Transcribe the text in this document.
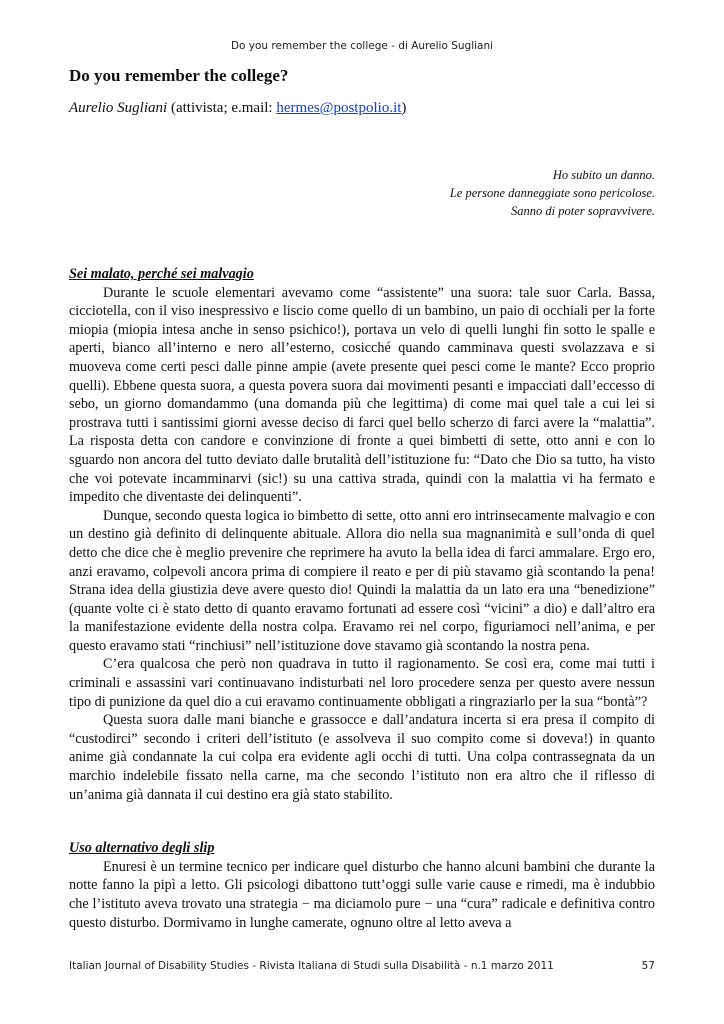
Do you remember the college - di Aurelio Sugliani
Do you remember the college?
Aurelio Sugliani (attivista; e.mail: hermes@postpolio.it)
Ho subito un danno.
Le persone danneggiate sono pericolose.
Sanno di poter sopravvivere.
Sei malato, perché sei malvagio

Durante le scuole elementari avevamo come “assistente” una suora: tale suor Carla. Bassa, cicciotella, con il viso inespressivo e liscio come quello di un bambino, un paio di occhiali per la forte miopia (miopia intesa anche in senso psichico!), portava un velo di quelli lunghi fin sotto le spalle e aperti, bianco all’interno e nero all’esterno, cosicché quando camminava questi svolazzava e si muoveva come certi pesci dalle pinne ampie (avete presente quei pesci come le mante? Ecco proprio quelli). Ebbene questa suora, a questa povera suora dai movimenti pesanti e impacciati dall’eccesso di sebo, un giorno domandammo (una domanda più che legittima) di come mai quel tale a cui lei si prostrava tutti i santissimi giorni avesse deciso di farci quel bello scherzo di farci avere la “malattia”. La risposta detta con candore e convinzione di fronte a quei bimbetti di sette, otto anni e con lo sguardo non ancora del tutto deviato dalle brutalità dell’istituzione fu: “Dato che Dio sa tutto, ha visto che voi potevate incamminarvi (sic!) su una cattiva strada, quindi con la malattia vi ha fermato e impedito che diventaste dei delinquenti”.

Dunque, secondo questa logica io bimbetto di sette, otto anni ero intrinsecamente malvagio e con un destino già definito di delinquente abituale. Allora dio nella sua magnanimità e sull’onda di quel detto che dice che è meglio prevenire che reprimere ha avuto la bella idea di farci ammalare. Ergo ero, anzi eravamo, colpevoli ancora prima di compiere il reato e per di più stavamo già scontando la pena! Strana idea della giustizia deve avere questo dio! Quindi la malattia da un lato era una “benedizione” (quante volte ci è stato detto di quanto eravamo fortunati ad essere così “vicini” a dio) e dall’altro era la manifestazione evidente della nostra colpa. Eravamo rei nel corpo, figuriamoci nell’anima, e per questo eravamo stati “rinchiusi” nell’istituzione dove stavamo già scontando la nostra pena.

C’era qualcosa che però non quadrava in tutto il ragionamento. Se così era, come mai tutti i criminali e assassini vari continuavano indisturbati nel loro procedere senza per questo avere nessun tipo di punizione da quel dio a cui eravamo continuamente obbligati a ringraziarlo per la sua “bontà”?

Questa suora dalle mani bianche e grassocce e dall’andatura incerta si era presa il compito di “custodirci” secondo i criteri dell’istituto (e assolveva il suo compito come si doveva!) in quanto anime già condannate la cui colpa era evidente agli occhi di tutti. Una colpa contrassegnata da un marchio indelebile fissato nella carne, ma che secondo l’istituto non era altro che il riflesso di un’anima già dannata il cui destino era già stato stabilito.

Uso alternativo degli slip

Enuresi è un termine tecnico per indicare quel disturbo che hanno alcuni bambini che durante la notte fanno la pipì a letto. Gli psicologi dibattono tutt’oggi sulle varie cause e rimedi, ma è indubbio che l’istituto aveva trovato una strategia − ma diciamolo pure − una “cura” radicale e definitiva contro questo disturbo. Dormivamo in lunghe camerate, ognuno oltre al letto aveva a

Italian Journal of Disability Studies - Rivista Italiana di Studi sulla Disabilità - n.1 marzo 2011	57
